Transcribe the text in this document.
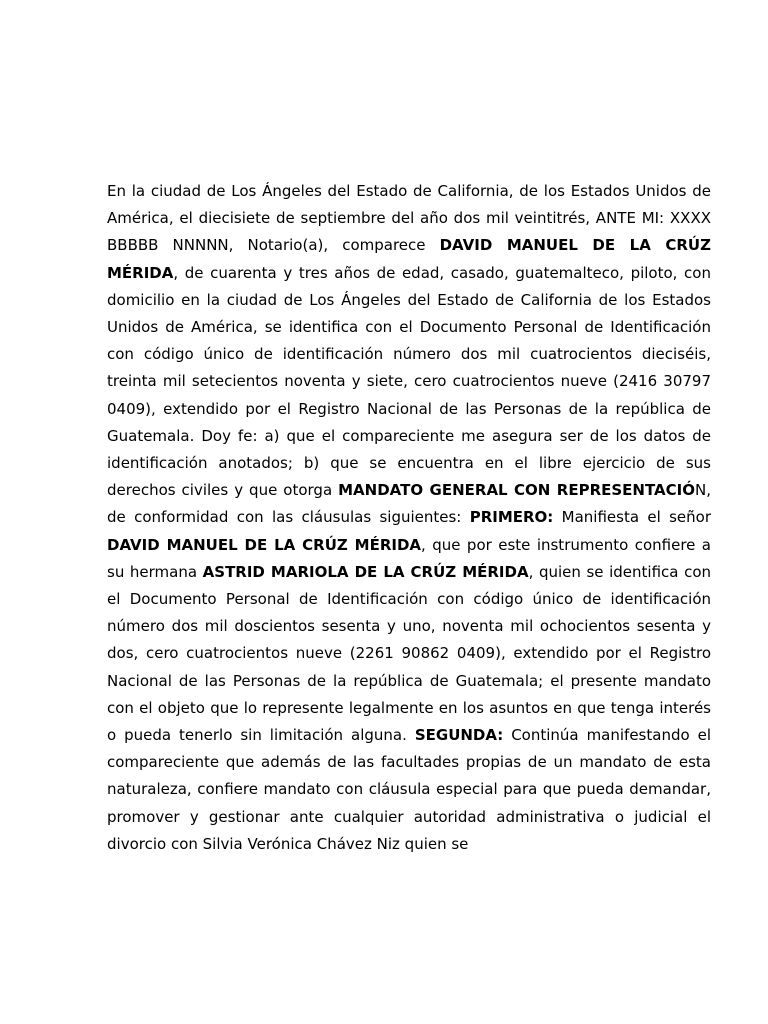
En la ciudad de Los Ángeles del Estado de California, de los Estados Unidos de América, el diecisiete de septiembre del año dos mil veintitrés, ANTE MI: XXXX BBBBB NNNNN, Notario(a), comparece DAVID MANUEL DE LA CRÚZ MÉRIDA, de cuarenta y tres años de edad, casado, guatemalteco, piloto, con domicilio en la ciudad de Los Ángeles del Estado de California de los Estados Unidos de América, se identifica con el Documento Personal de Identificación con código único de identificación número dos mil cuatrocientos dieciséis, treinta mil setecientos noventa y siete, cero cuatrocientos nueve (2416 30797 0409), extendido por el Registro Nacional de las Personas de la república de Guatemala. Doy fe: a) que el compareciente me asegura ser de los datos de identificación anotados; b) que se encuentra en el libre ejercicio de sus derechos civiles y que otorga MANDATO GENERAL CON REPRESENTACIÓN, de conformidad con las cláusulas siguientes: PRIMERO: Manifiesta el señor DAVID MANUEL DE LA CRÚZ MÉRIDA, que por este instrumento confiere a su hermana ASTRID MARIOLA DE LA CRÚZ MÉRIDA, quien se identifica con el Documento Personal de Identificación con código único de identificación número dos mil doscientos sesenta y uno, noventa mil ochocientos sesenta y dos, cero cuatrocientos nueve (2261 90862 0409), extendido por el Registro Nacional de las Personas de la república de Guatemala; el presente mandato con el objeto que lo represente legalmente en los asuntos en que tenga interés o pueda tenerlo sin limitación alguna. SEGUNDA: Continúa manifestando el compareciente que además de las facultades propias de un mandato de esta naturaleza, confiere mandato con cláusula especial para que pueda demandar, promover y gestionar ante cualquier autoridad administrativa o judicial el divorcio con Silvia Verónica Chávez Niz quien se
